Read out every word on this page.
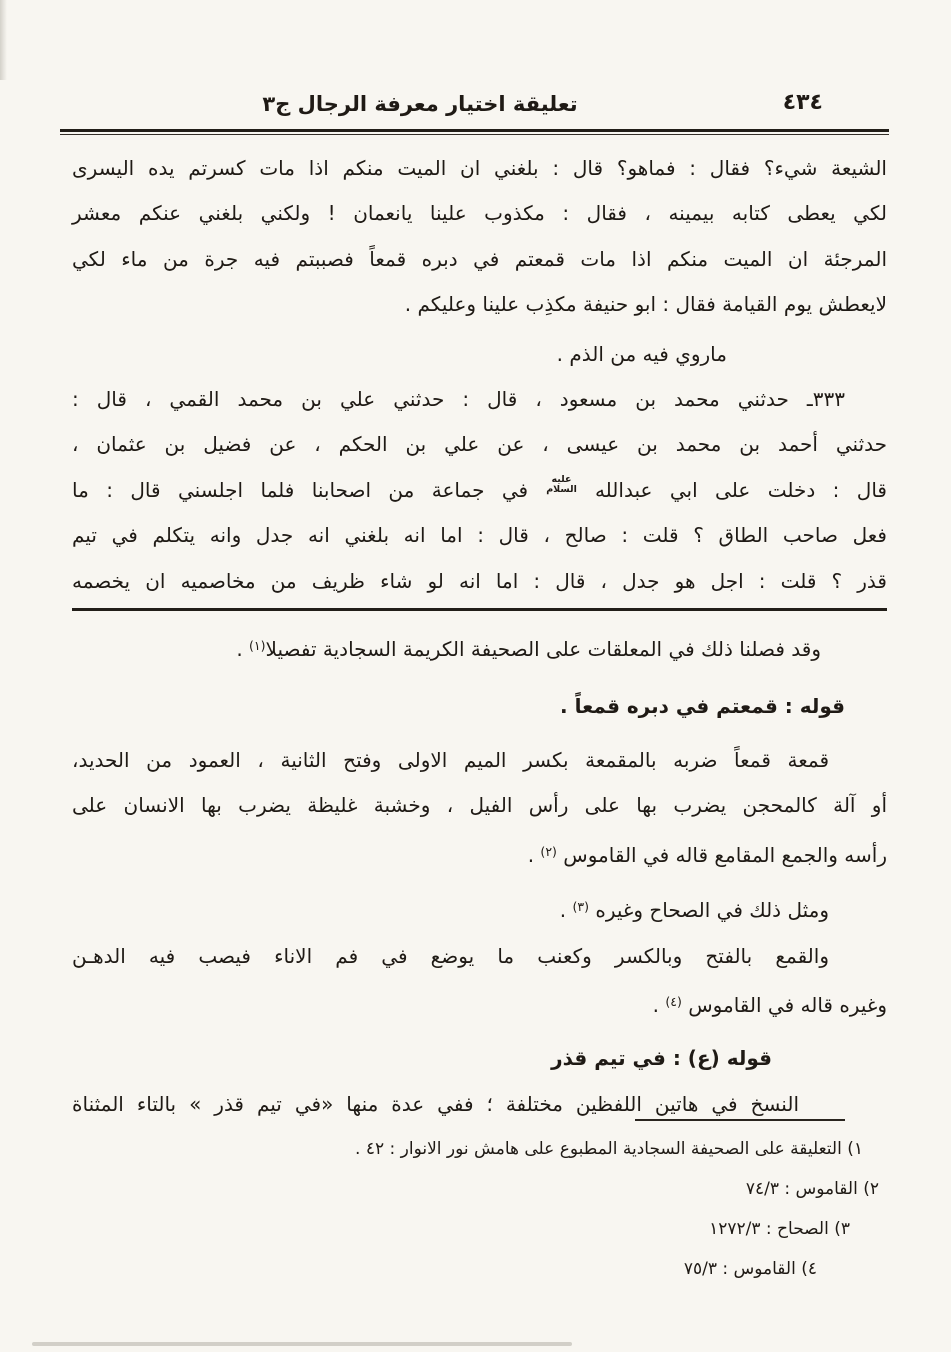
تعليقة اختيار معرفة الرجال ج٣	٤٣٤
الشيعة شيء؟ فقال : فماهو؟ قال : بلغني ان الميت منكم اذا مات كسرتم يده اليسرى
لكي يعطى كتابه بيمينه ، فقال : مكذوب علينا يانعمان ! ولكني بلغني عنكم معشر
المرجئة ان الميت منكم اذا مات قمعتم في دبره قمعاً فصببتم فيه جرة من ماء لكي
لايعطش يوم القيامة فقال : ابو حنيفة مكذِب علينا وعليكم .
ماروي فيه من الذم .
٣٣٣ـ حدثني محمد بن مسعود ، قال : حدثني علي بن محمد القمي ، قال :
حدثني أحمد بن محمد بن عيسى ، عن علي بن الحكم ، عن فضيل بن عثمان ،
قال : دخلت على ابي عبدالله عليه السلام في جماعة من اصحابنا فلما اجلسني قال : ما
فعل صاحب الطاق ؟ قلت : صالح ، قال : اما انه بلغني انه جدل وانه يتكلم في تيم
قذر ؟ قلت : اجل هو جدل ، قال : اما انه لو شاء ظريف من مخاصميه ان يخصمه
وقد فصلنا ذلك في المعلقات على الصحيفة الكريمة السجادية تفصيلا$^{(١)}$ .
قوله : قمعتم في دبره قمعاً .
قمعة قمعاً ضربه بالمقمعة بكسر الميم الاولى وفتح الثانية ، العمود من الحديد،
أو آلة كالمحجن يضرب بها على رأس الفيل ، وخشبة غليظة يضرب بها الانسان على
رأسه والجمع المقامع قاله في القاموس $^{(٢)}$ .
ومثل ذلك في الصحاح وغيره $^{(٣)}$ .
والقمع بالفتح وبالكسر وكعنب ما يوضع في فم الاناء فيصب فيه الدهـن
وغيره قاله في القاموس $^{(٤)}$ .
قوله (ع) : في تيم قذر
النسخ في هاتين اللفظين مختلفة ؛ ففي عدة منها «في تيم قذر » بالتاء المثناة
١) التعليقة على الصحيفة السجادية المطبوع على هامش نور الانوار : ٤٢ .
٢) القاموس : ٧٤/٣
٣) الصحاح : ١٢٧٢/٣
٤) القاموس : ٧٥/٣
